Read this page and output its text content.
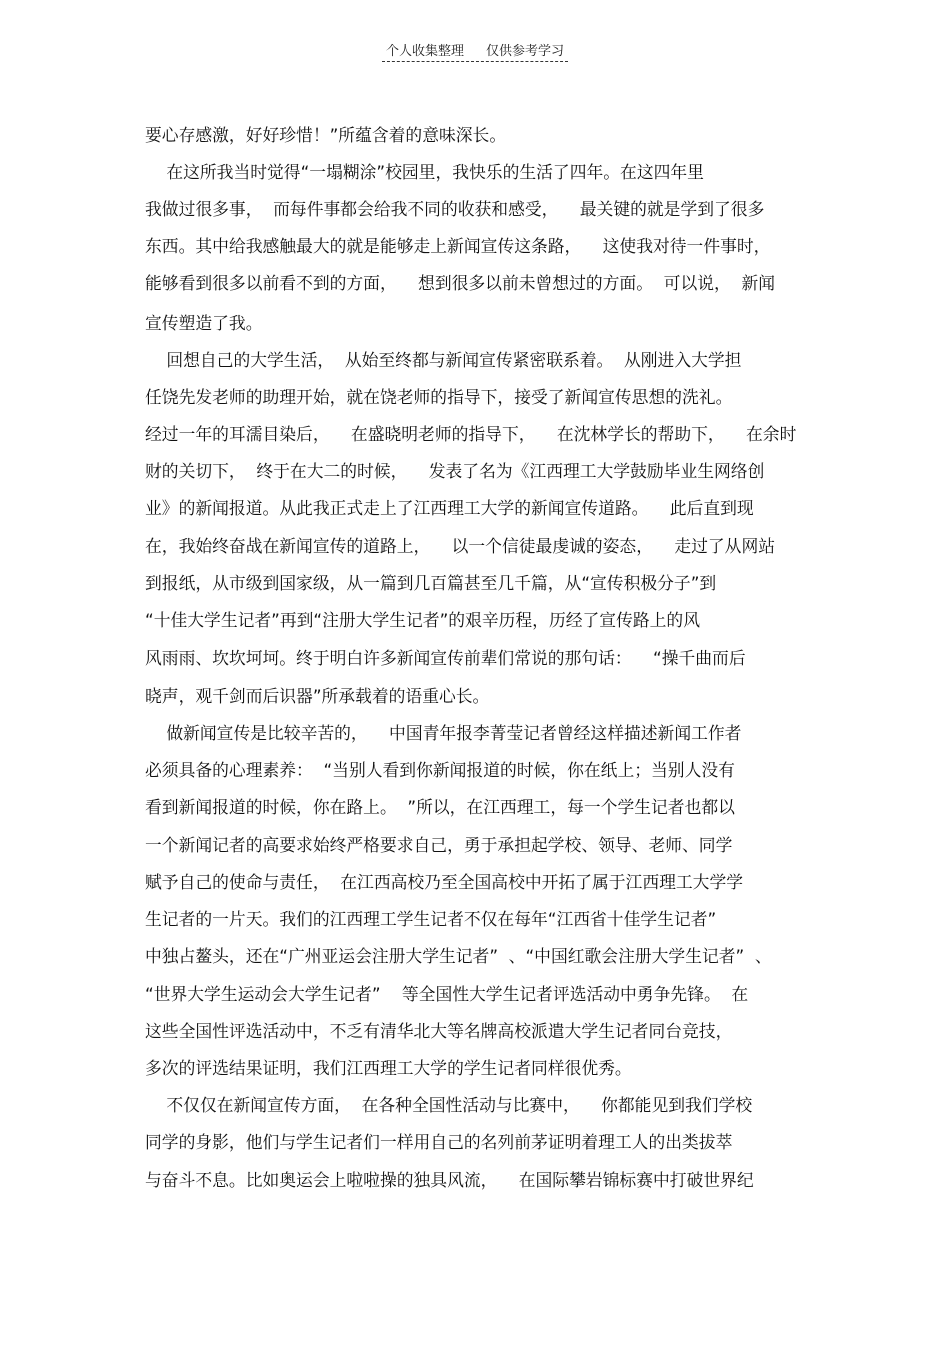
个人收集整理 仅供参考学习
要心存感激，好好珍惜！”所蕴含着的意味深长。
在这所我当时觉得“一塌糊涂”校园里，我快乐的生活了四年。在这四年里
我做过很多事，  而每件事都会给我不同的收获和感受，    最关键的就是学到了很多
东西。其中给我感触最大的就是能够走上新闻宣传这条路，    这使我对待一件事时，
能够看到很多以前看不到的方面，    想到很多以前未曾想过的方面。  可以说，  新闻
宣传塑造了我。
回想自己的大学生活，  从始至终都与新闻宣传紧密联系着。  从刚进入大学担
任饶先发老师的助理开始，就在饶老师的指导下，接受了新闻宣传思想的洗礼。
经过一年的耳濡目染后，    在盛晓明老师的指导下，    在沈林学长的帮助下，    在余时
财的关切下，  终于在大二的时候，    发表了名为《江西理工大学鼓励毕业生网络创
业》的新闻报道。从此我正式走上了江西理工大学的新闻宣传道路。    此后直到现
在，我始终奋战在新闻宣传的道路上，    以一个信徒最虔诚的姿态，    走过了从网站
到报纸，从市级到国家级，从一篇到几百篇甚至几千篇，从“宣传积极分子”到
“十佳大学生记者”再到“注册大学生记者”的艰辛历程，历经了宣传路上的风
风雨雨、坎坎坷坷。终于明白许多新闻宣传前辈们常说的那句话：    “操千曲而后
晓声，观千剑而后识器”所承载着的语重心长。
做新闻宣传是比较辛苦的，    中国青年报李菁莹记者曾经这样描述新闻工作者
必须具备的心理素养：  “当别人看到你新闻报道的时候，你在纸上；当别人没有
看到新闻报道的时候，你在路上。  ”所以，在江西理工，每一个学生记者也都以
一个新闻记者的高要求始终严格要求自己，勇于承担起学校、领导、老师、同学
赋予自己的使命与责任，  在江西高校乃至全国高校中开拓了属于江西理工大学学
生记者的一片天。我们的江西理工学生记者不仅在每年“江西省十佳学生记者”
中独占鳌头，还在“广州亚运会注册大学生记者”  、“中国红歌会注册大学生记者”  、
“世界大学生运动会大学生记者”    等全国性大学生记者评选活动中勇争先锋。  在
这些全国性评选活动中，不乏有清华北大等名牌高校派遣大学生记者同台竞技，
多次的评选结果证明，我们江西理工大学的学生记者同样很优秀。
不仅仅在新闻宣传方面，  在各种全国性活动与比赛中，    你都能见到我们学校
同学的身影，他们与学生记者们一样用自己的名列前茅证明着理工人的出类拔萃
与奋斗不息。比如奥运会上啦啦操的独具风流，    在国际攀岩锦标赛中打破世界纪
